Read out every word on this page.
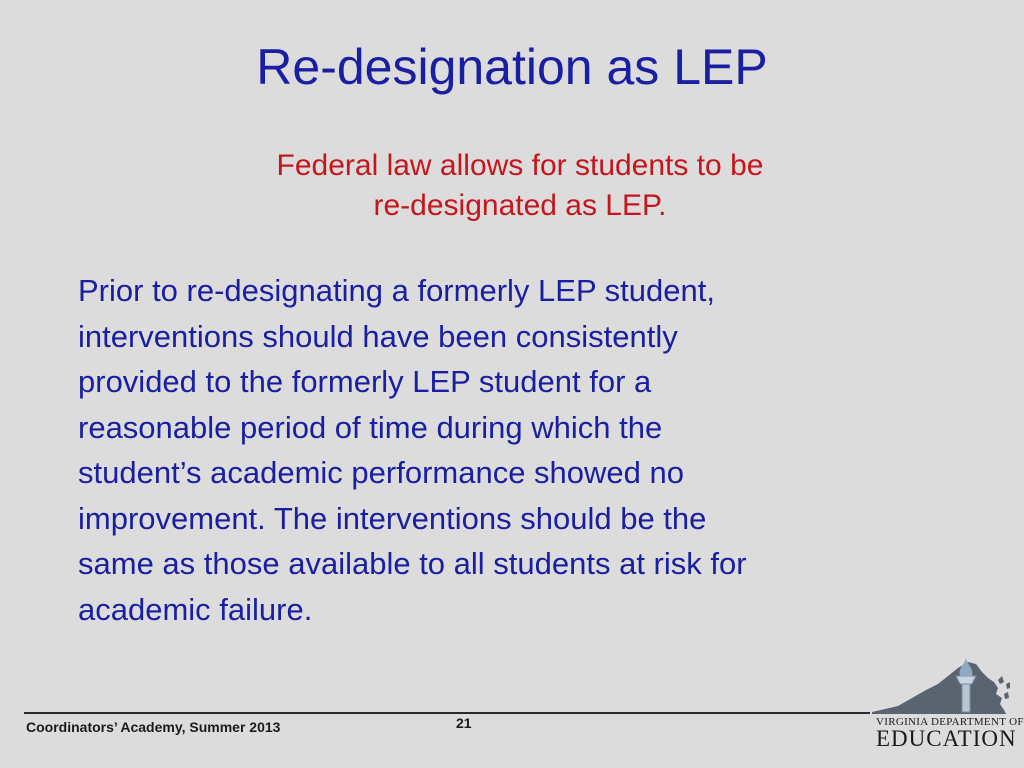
Re-designation as LEP
Federal law allows for students to be
re-designated as LEP.
Prior to re-designating a formerly LEP student,
interventions should have been consistently
provided to the formerly LEP student for a
reasonable period of time during which the
student’s academic performance showed no
improvement. The interventions should be the
same as those available to all students at risk for
academic failure.
Coordinators’ Academy, Summer 2013	21	VIRGINIA DEPARTMENT OF
EDUCATION
